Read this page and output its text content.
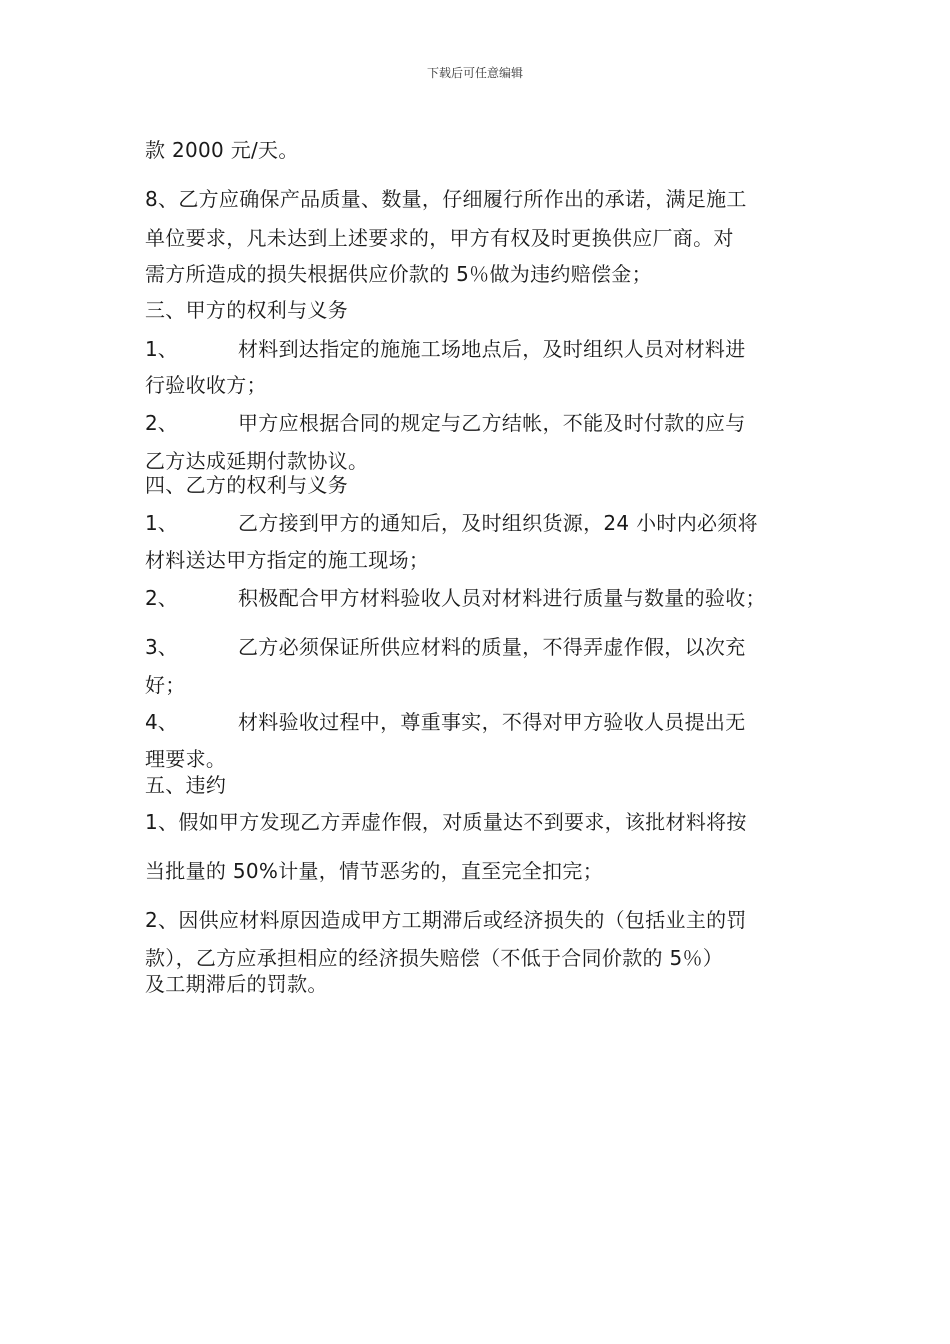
下载后可任意编辑
款 2000 元/天。
8、乙方应确保产品质量、数量，仔细履行所作出的承诺，满足施工
单位要求，凡未达到上述要求的，甲方有权及时更换供应厂商。对
需方所造成的损失根据供应价款的 5％做为违约赔偿金；
三、甲方的权利与义务
1、	材料到达指定的施施工场地点后，及时组织人员对材料进
行验收收方；
2、	甲方应根据合同的规定与乙方结帐，不能及时付款的应与
乙方达成延期付款协议。
四、乙方的权利与义务
1、	乙方接到甲方的通知后，及时组织货源，24 小时内必须将
材料送达甲方指定的施工现场；
2、	积极配合甲方材料验收人员对材料进行质量与数量的验收；
3、	乙方必须保证所供应材料的质量，不得弄虚作假，以次充
好；
4、	材料验收过程中，尊重事实，不得对甲方验收人员提出无
理要求。
五、违约
1、假如甲方发现乙方弄虚作假，对质量达不到要求，该批材料将按
当批量的 50%计量，情节恶劣的，直至完全扣完；
2、因供应材料原因造成甲方工期滞后或经济损失的（包括业主的罚
款），乙方应承担相应的经济损失赔偿（不低于合同价款的 5％）
及工期滞后的罚款。
